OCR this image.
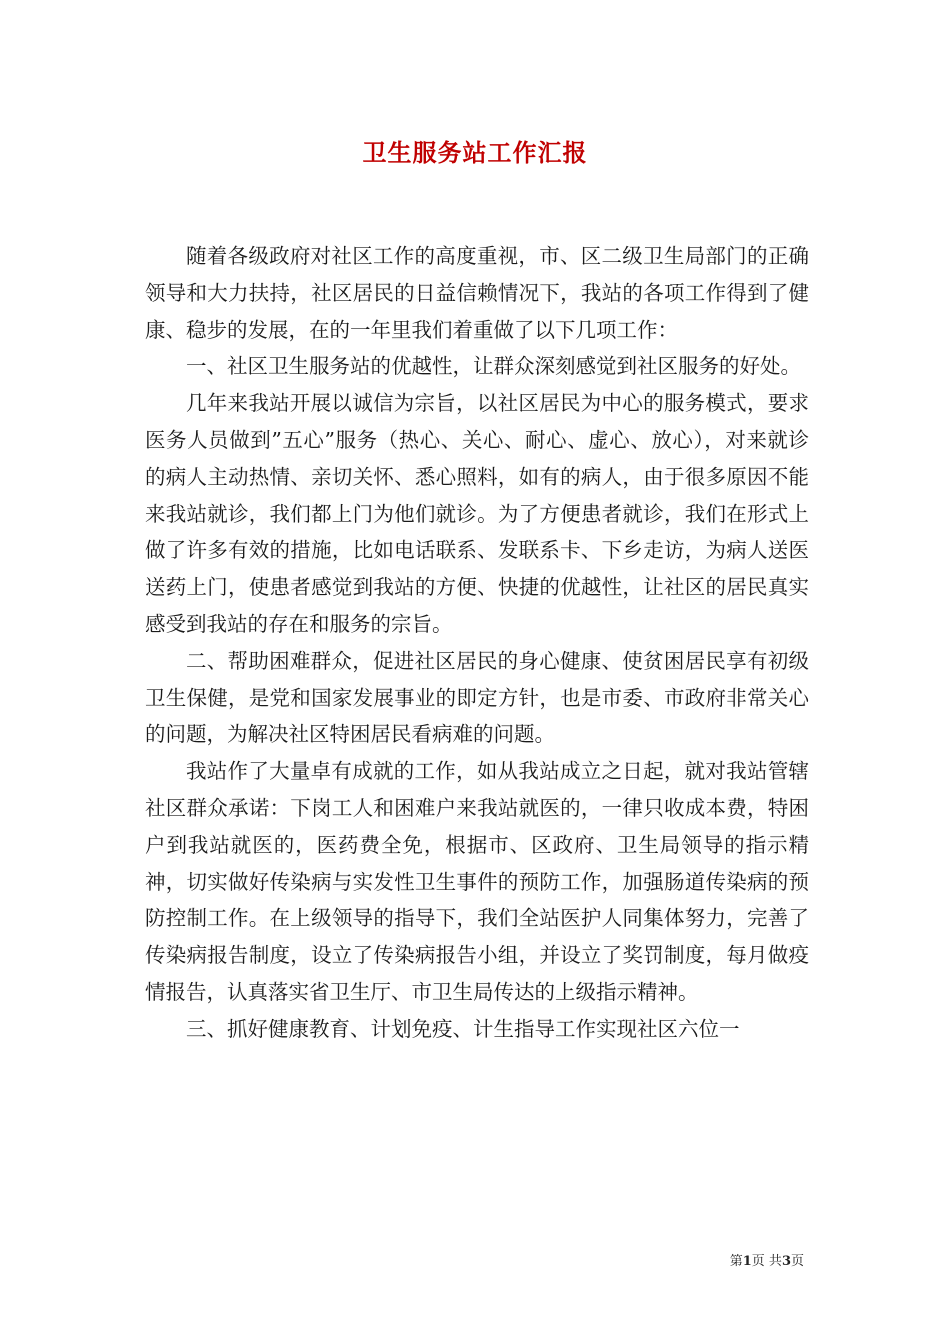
卫生服务站工作汇报

随着各级政府对社区工作的高度重视，市、区二级卫生局部门的正确领导和大力扶持，社区居民的日益信赖情况下，我站的各项工作得到了健康、稳步的发展，在的一年里我们着重做了以下几项工作：

一、社区卫生服务站的优越性，让群众深刻感觉到社区服务的好处。

几年来我站开展以诚信为宗旨，以社区居民为中心的服务模式，要求医务人员做到”五心”服务（热心、关心、耐心、虚心、放心），对来就诊的病人主动热情、亲切关怀、悉心照料，如有的病人，由于很多原因不能来我站就诊，我们都上门为他们就诊。为了方便患者就诊，我们在形式上做了许多有效的措施，比如电话联系、发联系卡、下乡走访，为病人送医送药上门，使患者感觉到我站的方便、快捷的优越性，让社区的居民真实感受到我站的存在和服务的宗旨。

二、帮助困难群众，促进社区居民的身心健康、使贫困居民享有初级卫生保健，是党和国家发展事业的即定方针，也是市委、市政府非常关心的问题，为解决社区特困居民看病难的问题。

我站作了大量卓有成就的工作，如从我站成立之日起，就对我站管辖社区群众承诺：下岗工人和困难户来我站就医的，一律只收成本费，特困户到我站就医的，医药费全免，根据市、区政府、卫生局领导的指示精神，切实做好传染病与实发性卫生事件的预防工作，加强肠道传染病的预防控制工作。在上级领导的指导下，我们全站医护人同集体努力，完善了传染病报告制度，设立了传染病报告小组，并设立了奖罚制度，每月做疫情报告，认真落实省卫生厅、市卫生局传达的上级指示精神。

三、抓好健康教育、计划免疫、计生指导工作实现社区六位一

第1页 共3页
